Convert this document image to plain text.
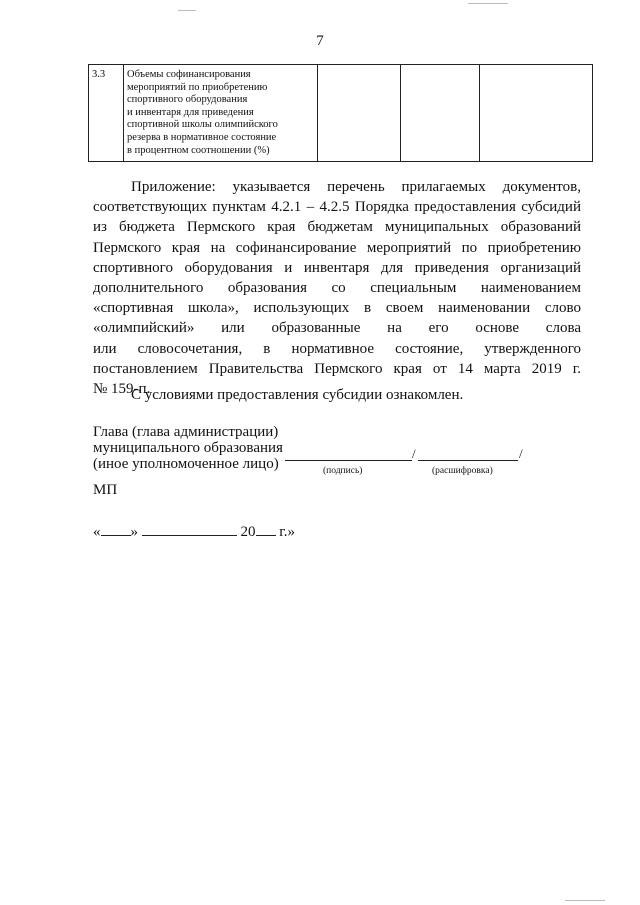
7
3.3	Объемы софинансирования
мероприятий по приобретению
спортивного оборудования
и инвентаря для приведения
спортивной школы олимпийского
резерва в нормативное состояние
в процентном соотношении (%)

Приложение: указывается перечень прилагаемых документов,
соответствующих пунктам 4.2.1 – 4.2.5 Порядка предоставления субсидий
из бюджета Пермского края бюджетам муниципальных образований
Пермского края на софинансирование мероприятий по приобретению
спортивного оборудования и инвентаря для приведения организаций
дополнительного образования со специальным наименованием
«спортивная школа», использующих в своем наименовании слово
«олимпийский» или образованные на его основе слова
или словосочетания, в нормативное состояние, утвержденного
постановлением Правительства Пермского края от 14 марта 2019 г.
№ 159-п.
С условиями предоставления субсидии ознакомлен.
Глава (глава администрации)
муниципального образования
(иное уполномоченное лицо)
/	/
(подпись)	(расшифровка)
МП
« »	20 г.»
